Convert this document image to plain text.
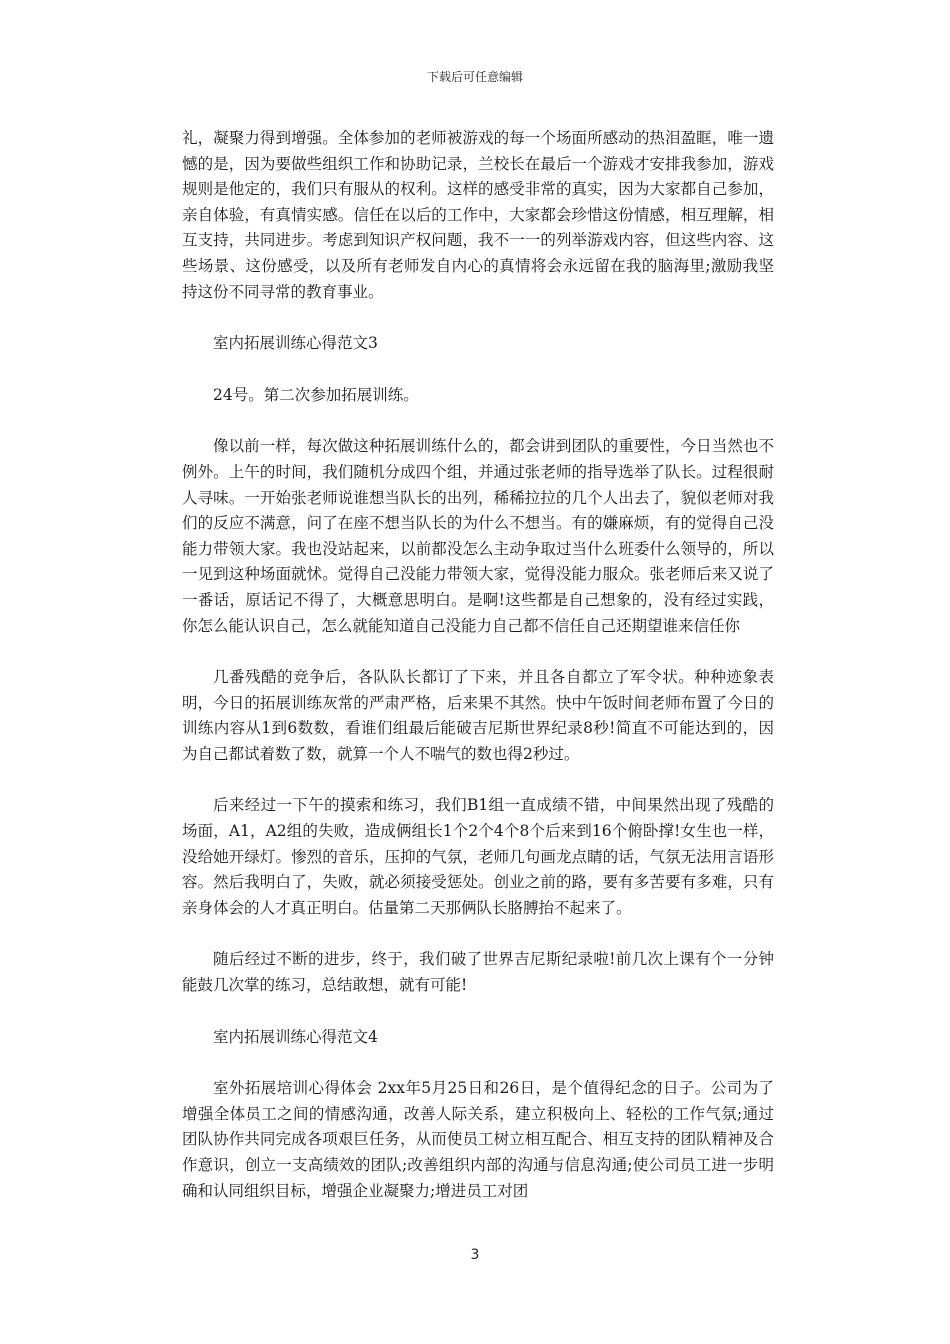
下载后可任意编辑

礼，凝聚力得到增强。全体参加的老师被游戏的每一个场面所感动的热泪盈眶，唯一遗憾的是，因为要做些组织工作和协助记录，兰校长在最后一个游戏才安排我参加，游戏规则是他定的，我们只有服从的权利。这样的感受非常的真实，因为大家都自己参加，亲自体验，有真情实感。信任在以后的工作中，大家都会珍惜这份情感，相互理解，相互支持，共同进步。考虑到知识产权问题，我不一一的列举游戏内容，但这些内容、这些场景、这份感受，以及所有老师发自内心的真情将会永远留在我的脑海里;激励我坚持这份不同寻常的教育事业。

室内拓展训练心得范文3

24号。第二次参加拓展训练。

像以前一样，每次做这种拓展训练什么的，都会讲到团队的重要性，今日当然也不例外。上午的时间，我们随机分成四个组，并通过张老师的指导选举了队长。过程很耐人寻味。一开始张老师说谁想当队长的出列，稀稀拉拉的几个人出去了，貌似老师对我们的反应不满意，问了在座不想当队长的为什么不想当。有的嫌麻烦，有的觉得自己没能力带领大家。我也没站起来，以前都没怎么主动争取过当什么班委什么领导的，所以一见到这种场面就怵。觉得自己没能力带领大家，觉得没能力服众。张老师后来又说了一番话，原话记不得了，大概意思明白。是啊!这些都是自己想象的，没有经过实践，你怎么能认识自己，怎么就能知道自己没能力自己都不信任自己还期望谁来信任你

几番残酷的竞争后，各队队长都订了下来，并且各自都立了军令状。种种迹象表明，今日的拓展训练灰常的严肃严格，后来果不其然。快中午饭时间老师布置了今日的训练内容从1到6数数，看谁们组最后能破吉尼斯世界纪录8秒!简直不可能达到的，因为自己都试着数了数，就算一个人不喘气的数也得2秒过。

后来经过一下午的摸索和练习，我们B1组一直成绩不错，中间果然出现了残酷的场面，A1，A2组的失败，造成俩组长1个2个4个8个后来到16个俯卧撑!女生也一样，没给她开绿灯。惨烈的音乐，压抑的气氛，老师几句画龙点睛的话，气氛无法用言语形容。然后我明白了，失败，就必须接受惩处。创业之前的路，要有多苦要有多难，只有亲身体会的人才真正明白。估量第二天那俩队长胳膊抬不起来了。

随后经过不断的进步，终于，我们破了世界吉尼斯纪录啦!前几次上课有个一分钟能鼓几次掌的练习，总结敢想，就有可能!

室内拓展训练心得范文4

室外拓展培训心得体会 2xx年5月25日和26日，是个值得纪念的日子。公司为了增强全体员工之间的情感沟通，改善人际关系，建立积极向上、轻松的工作气氛;通过团队协作共同完成各项艰巨任务，从而使员工树立相互配合、相互支持的团队精神及合作意识，创立一支高绩效的团队;改善组织内部的沟通与信息沟通;使公司员工进一步明确和认同组织目标，增强企业凝聚力;增进员工对团

3
